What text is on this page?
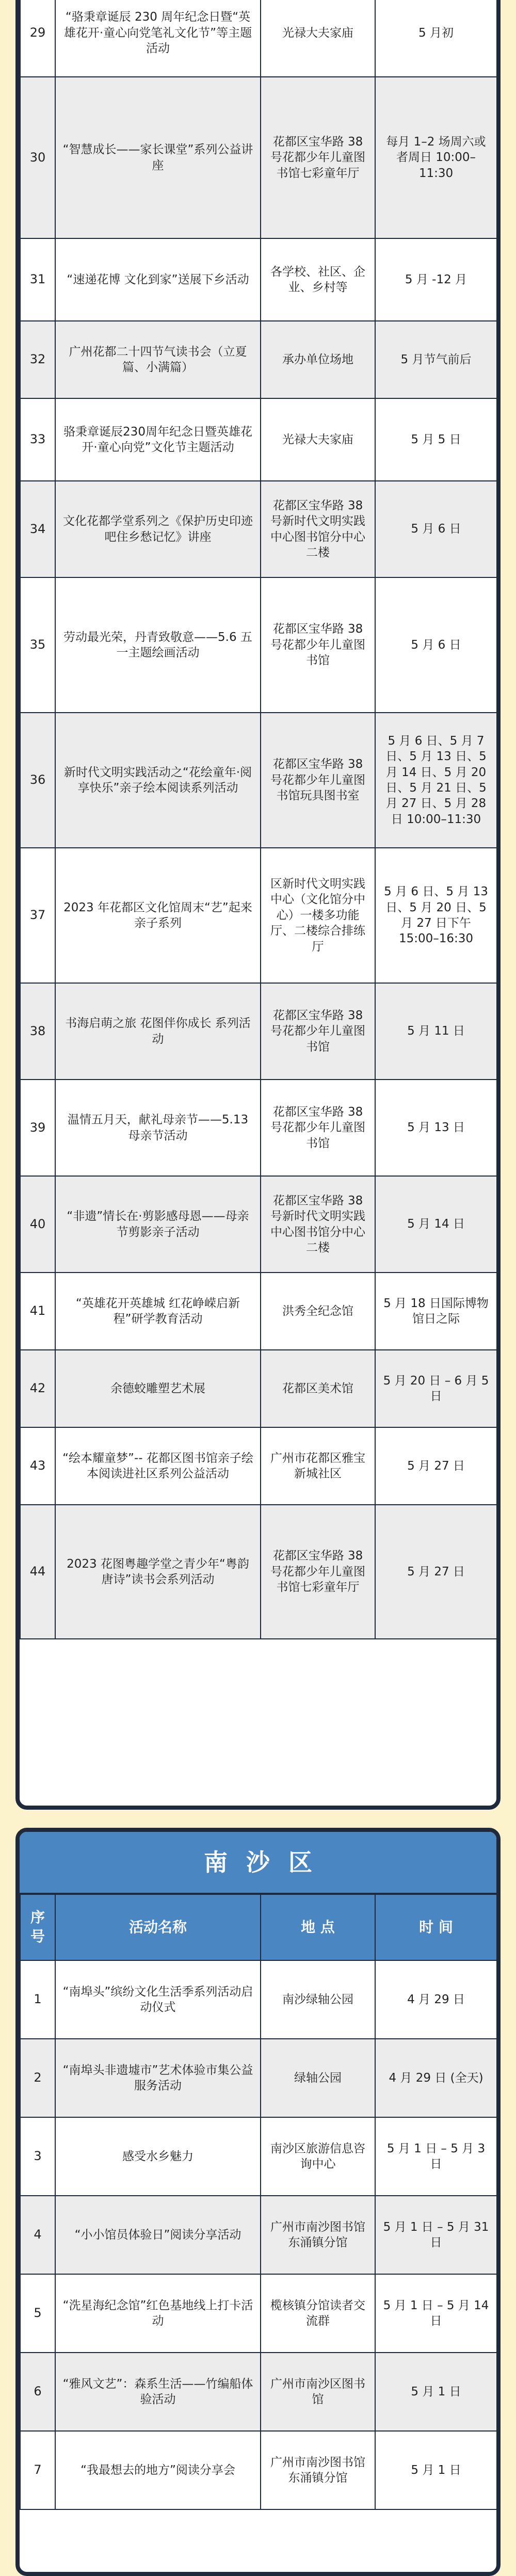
29	“骆秉章诞辰 230 周年纪念日暨“英雄花开·童心向党笔礼文化节”等主题活动	光禄大夫家庙	5 月初
30	“智慧成长——家长课堂”系列公益讲座	花都区宝华路 38 号花都少年儿童图书馆七彩童年厅	每月 1–2 场周六或者周日 10:00–11:30
31	“速递花博 文化到家”送展下乡活动	各学校、社区、企业、乡村等	5 月 -12 月
32	广州花都二十四节气读书会（立夏篇、小满篇）	承办单位场地	5 月节气前后
33	骆秉章诞辰230周年纪念日暨英雄花开·童心向党”文化节主题活动	光禄大夫家庙	5 月 5 日
34	文化花都学堂系列之《保护历史印迹吧住乡愁记忆》讲座	花都区宝华路 38 号新时代文明实践中心图书馆分中心二楼	5 月 6 日
35	劳动最光荣，丹青致敬意——5.6 五一主题绘画活动	花都区宝华路 38 号花都少年儿童图书馆	5 月 6 日
36	新时代文明实践活动之“花绘童年·阅享快乐”亲子绘本阅读系列活动	花都区宝华路 38 号花都少年儿童图书馆玩具图书室	5 月 6 日、5 月 7 日、5 月 13 日、5 月 14 日、5 月 20 日、5 月 21 日、5 月 27 日、5 月 28 日 10:00–11:30
37	2023 年花都区文化馆周末“艺”起来亲子系列	区新时代文明实践中心（文化馆分中心）一楼多功能厅、二楼综合排练厅	5 月 6 日、5 月 13 日、5 月 20 日、5 月 27 日下午 15:00–16:30
38	书海启萌之旅 花图伴你成长 系列活动	花都区宝华路 38 号花都少年儿童图书馆	5 月 11 日
39	温情五月天，献礼母亲节——5.13 母亲节活动	花都区宝华路 38 号花都少年儿童图书馆	5 月 13 日
40	“非遗”情长在·剪影感母恩——母亲节剪影亲子活动	花都区宝华路 38 号新时代文明实践中心图书馆分中心二楼	5 月 14 日
41	“英雄花开英雄城 红花峥嵘启新程”研学教育活动	洪秀全纪念馆	5 月 18 日国际博物馆日之际
42	余德蛟雕塑艺术展	花都区美术馆	5 月 20 日 – 6 月 5 日
43	“绘本耀童梦”-- 花都区图书馆亲子绘本阅读进社区系列公益活动	广州市花都区雅宝新城社区	5 月 27 日
44	2023 花图粤趣学堂之青少年“粤韵唐诗”读书会系列活动	花都区宝华路 38 号花都少年儿童图书馆七彩童年厅	5 月 27 日
南沙区
序号	活动名称	地 点	时 间
1	“南埠头”缤纷文化生活季系列活动启动仪式	南沙绿轴公园	4 月 29 日
2	“南埠头非遗墟市”艺术体验市集公益服务活动	绿轴公园	4 月 29 日 (全天)
3	感受水乡魅力	南沙区旅游信息咨询中心	5 月 1 日 – 5 月 3 日
4	“小小馆员体验日”阅读分享活动	广州市南沙图书馆东涌镇分馆	5 月 1 日 – 5 月 31 日
5	“洗星海纪念馆”红色基地线上打卡活动	榄核镇分馆读者交流群	5 月 1 日 – 5 月 14 日
6	“雅风文艺”：森系生活——竹编船体验活动	广州市南沙区图书馆	5 月 1 日
7	“我最想去的地方”阅读分享会	广州市南沙图书馆东涌镇分馆	5 月 1 日
